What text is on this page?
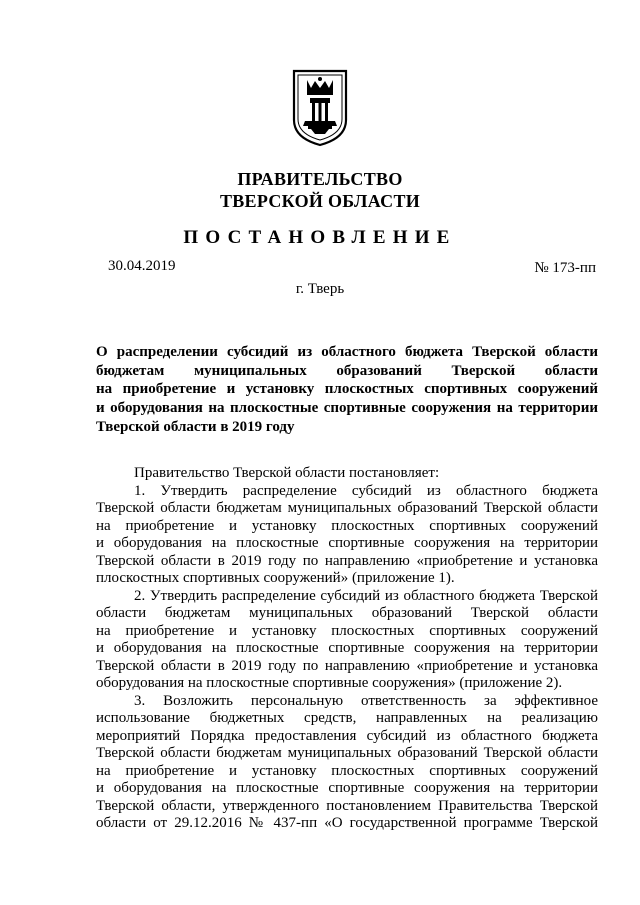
ПРАВИТЕЛЬСТВО
ТВЕРСКОЙ ОБЛАСТИ
ПОСТАНОВЛЕНИЕ
30.04.2019	№ 173-пп
г. Тверь
О распределении субсидий из областного бюджета Тверской области
бюджетам муниципальных образований Тверской области
на приобретение и установку плоскостных спортивных сооружений
и оборудования на плоскостные спортивные сооружения на территории
Тверской области в 2019 году
Правительство Тверской области постановляет:
1. Утвердить распределение субсидий из областного бюджета
Тверской области бюджетам муниципальных образований Тверской области
на приобретение и установку плоскостных спортивных сооружений
и оборудования на плоскостные спортивные сооружения на территории
Тверской области в 2019 году по направлению «приобретение и установка
плоскостных спортивных сооружений» (приложение 1).
2. Утвердить распределение субсидий из областного бюджета Тверской
области бюджетам муниципальных образований Тверской области
на приобретение и установку плоскостных спортивных сооружений
и оборудования на плоскостные спортивные сооружения на территории
Тверской области в 2019 году по направлению «приобретение и установка
оборудования на плоскостные спортивные сооружения» (приложение 2).
3. Возложить персональную ответственность за эффективное
использование бюджетных средств, направленных на реализацию
мероприятий Порядка предоставления субсидий из областного бюджета
Тверской области бюджетам муниципальных образований Тверской области
на приобретение и установку плоскостных спортивных сооружений
и оборудования на плоскостные спортивные сооружения на территории
Тверской области, утвержденного постановлением Правительства Тверской
области от 29.12.2016 № 437-пп «О государственной программе Тверской
